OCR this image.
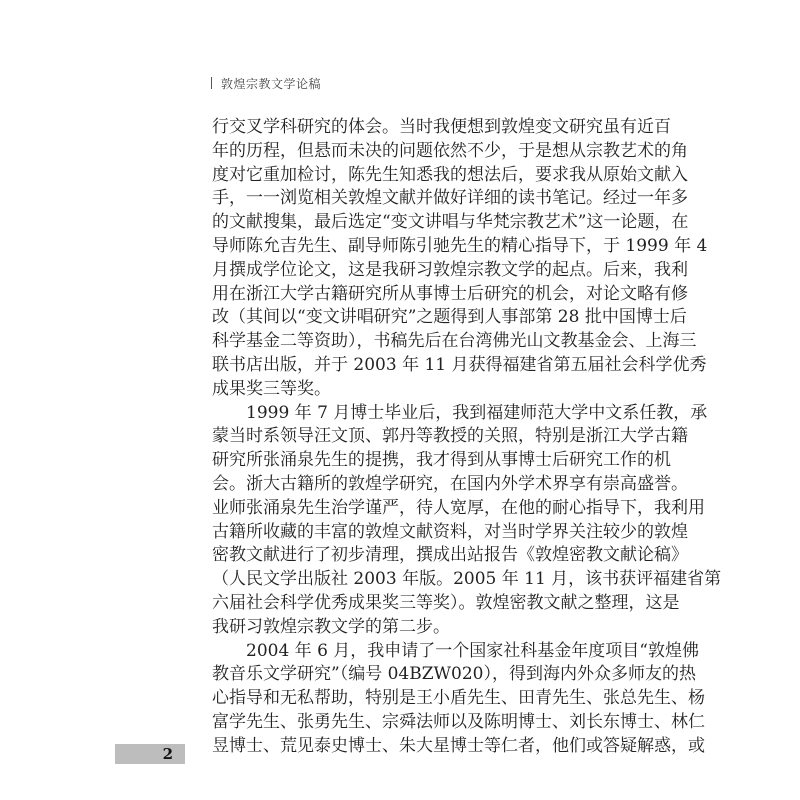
敦煌宗教文学论稿
行交叉学科研究的体会。当时我便想到敦煌变文研究虽有近百
年的历程，但悬而未决的问题依然不少，于是想从宗教艺术的角
度对它重加检讨，陈先生知悉我的想法后，要求我从原始文献入
手，一一浏览相关敦煌文献并做好详细的读书笔记。经过一年多
的文献搜集，最后选定“变文讲唱与华梵宗教艺术”这一论题，在
导师陈允吉先生、副导师陈引驰先生的精心指导下，于 1999 年 4
月撰成学位论文，这是我研习敦煌宗教文学的起点。后来，我利
用在浙江大学古籍研究所从事博士后研究的机会，对论文略有修
改（其间以“变文讲唱研究”之题得到人事部第 28 批中国博士后
科学基金二等资助），书稿先后在台湾佛光山文教基金会、上海三
联书店出版，并于 2003 年 11 月获得福建省第五届社会科学优秀
成果奖三等奖。
1999 年 7 月博士毕业后，我到福建师范大学中文系任教，承
蒙当时系领导汪文顶、郭丹等教授的关照，特别是浙江大学古籍
研究所张涌泉先生的提携，我才得到从事博士后研究工作的机
会。浙大古籍所的敦煌学研究，在国内外学术界享有崇高盛誉。
业师张涌泉先生治学谨严，待人宽厚，在他的耐心指导下，我利用
古籍所收藏的丰富的敦煌文献资料，对当时学界关注较少的敦煌
密教文献进行了初步清理，撰成出站报告《敦煌密教文献论稿》
（人民文学出版社 2003 年版。2005 年 11 月，该书获评福建省第
六届社会科学优秀成果奖三等奖）。敦煌密教文献之整理，这是
我研习敦煌宗教文学的第二步。
2004 年 6 月，我申请了一个国家社科基金年度项目“敦煌佛
教音乐文学研究”（编号 04BZW020），得到海内外众多师友的热
心指导和无私帮助，特别是王小盾先生、田青先生、张总先生、杨
富学先生、张勇先生、宗舜法师以及陈明博士、刘长东博士、林仁
昱博士、荒见泰史博士、朱大星博士等仁者，他们或答疑解惑，或
2
